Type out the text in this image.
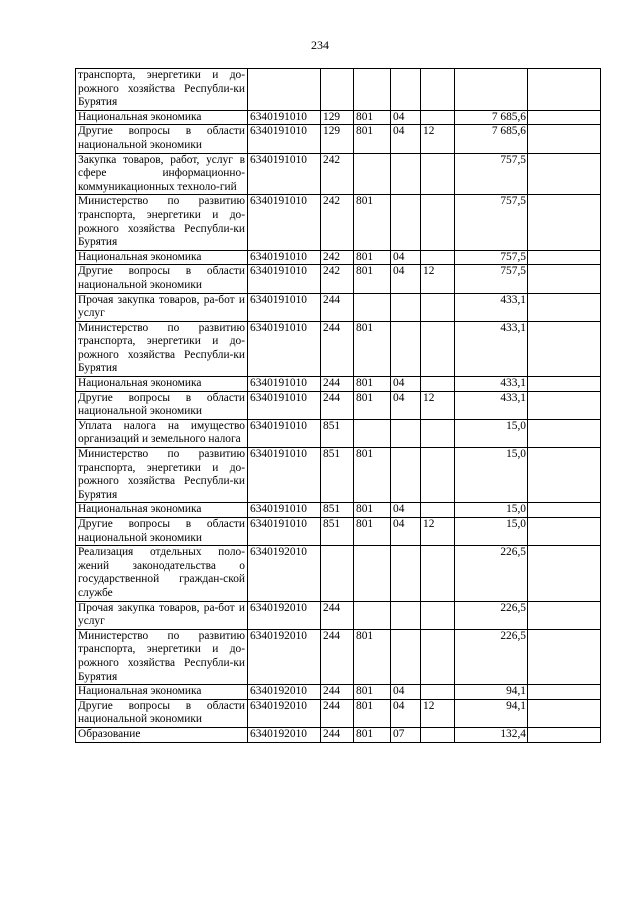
234
транспорта, энергетики и до-рожного хозяйства Республи-ки Бурятия							
Национальная экономика	6340191010	129	801	04		7 685,6	
Другие вопросы в области национальной экономики	6340191010	129	801	04	12	7 685,6	
Закупка товаров, работ, услуг в сфере информационно-коммуникационных техноло-гий	6340191010	242				757,5	
Министерство по развитию транспорта, энергетики и до-рожного хозяйства Республи-ки Бурятия	6340191010	242	801			757,5	
Национальная экономика	6340191010	242	801	04		757,5	
Другие вопросы в области национальной экономики	6340191010	242	801	04	12	757,5	
Прочая закупка товаров, ра-бот и услуг	6340191010	244				433,1	
Министерство по развитию транспорта, энергетики и до-рожного хозяйства Республи-ки Бурятия	6340191010	244	801			433,1	
Национальная экономика	6340191010	244	801	04		433,1	
Другие вопросы в области национальной экономики	6340191010	244	801	04	12	433,1	
Уплата налога на имущество организаций и земельного налога	6340191010	851				15,0	
Министерство по развитию транспорта, энергетики и до-рожного хозяйства Республи-ки Бурятия	6340191010	851	801			15,0	
Национальная экономика	6340191010	851	801	04		15,0	
Другие вопросы в области национальной экономики	6340191010	851	801	04	12	15,0	
Реализация отдельных поло-жений законодательства о государственной граждан-ской службе	6340192010					226,5	
Прочая закупка товаров, ра-бот и услуг	6340192010	244				226,5	
Министерство по развитию транспорта, энергетики и до-рожного хозяйства Республи-ки Бурятия	6340192010	244	801			226,5	
Национальная экономика	6340192010	244	801	04		94,1	
Другие вопросы в области национальной экономики	6340192010	244	801	04	12	94,1	
Образование	6340192010	244	801	07		132,4	
